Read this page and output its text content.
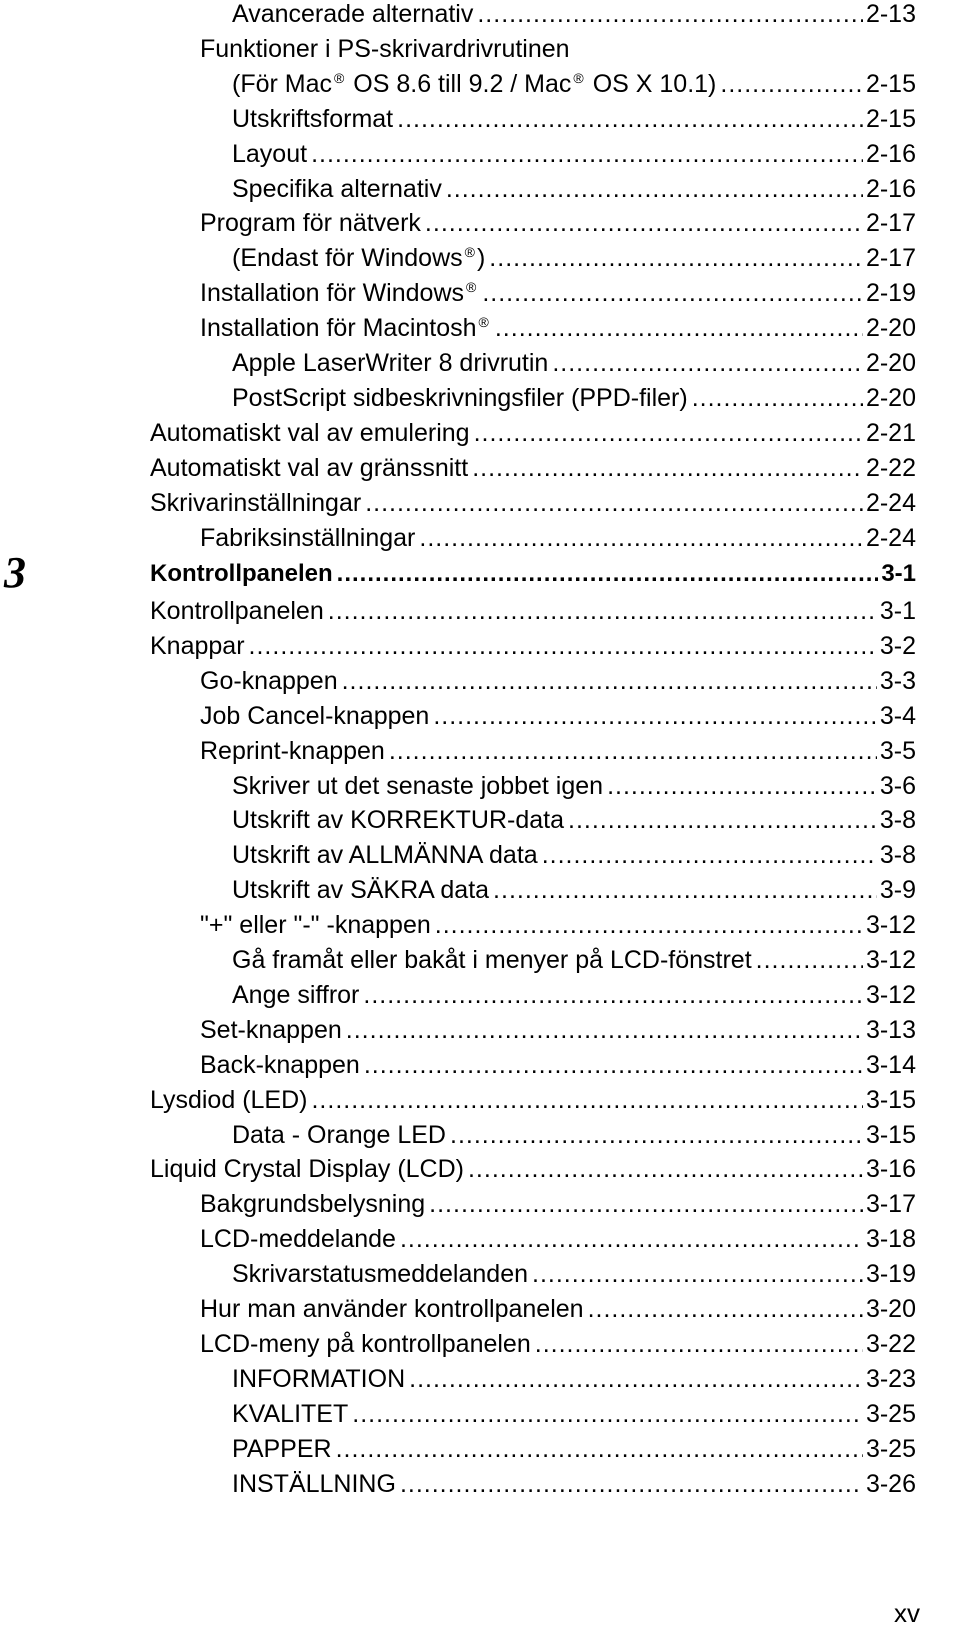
Avancerade alternativ .....	2-13
Funktioner i PS-skrivardrivrutinen
(För Mac ® OS 8.6 till 9.2 / Mac ® OS X 10.1) .....	2-15
Utskriftsformat .....	2-15
Layout .....	2-16
Specifika alternativ .....	2-16
Program för nätverk .....	2-17
(Endast för Windows ®) .....	2-17
Installation för Windows ® .....	2-19
Installation för Macintosh ® .....	2-20
Apple LaserWriter 8 drivrutin .....	2-20
PostScript sidbeskrivningsfiler (PPD-filer) .....	2-20
Automatiskt val av emulering .....	2-21
Automatiskt val av gränssnitt .....	2-22
Skrivarinställningar .....	2-24
Fabriksinställningar .....	2-24
Kontrollpanelen .....	3-1
Knappar .....	3-2
Go-knappen .....	3-3
Job Cancel-knappen .....	3-4
Reprint-knappen .....	3-5
Skriver ut det senaste jobbet igen .....	3-6
Utskrift av KORREKTUR-data .....	3-8
Utskrift av ALLMÄNNA data .....	3-8
Utskrift av SÄKRA data .....	3-9
"+" eller "-" -knappen .....	3-12
Gå framåt eller bakåt i menyer på LCD-fönstret .....	3-12
Ange siffror .....	3-12
Set-knappen .....	3-13
Back-knappen .....	3-14
Lysdiod (LED) .....	3-15
Data - Orange LED .....	3-15
Liquid Crystal Display (LCD) .....	3-16
Bakgrundsbelysning .....	3-17
LCD-meddelande .....	3-18
Skrivarstatusmeddelanden .....	3-19
Hur man använder kontrollpanelen .....	3-20
LCD-meny på kontrollpanelen .....	3-22
INFORMATION .....	3-23
KVALITET .....	3-25
PAPPER .....	3-25
INSTÄLLNING .....	3-26
3	Kontrollpanelen .....	3-1
xv
